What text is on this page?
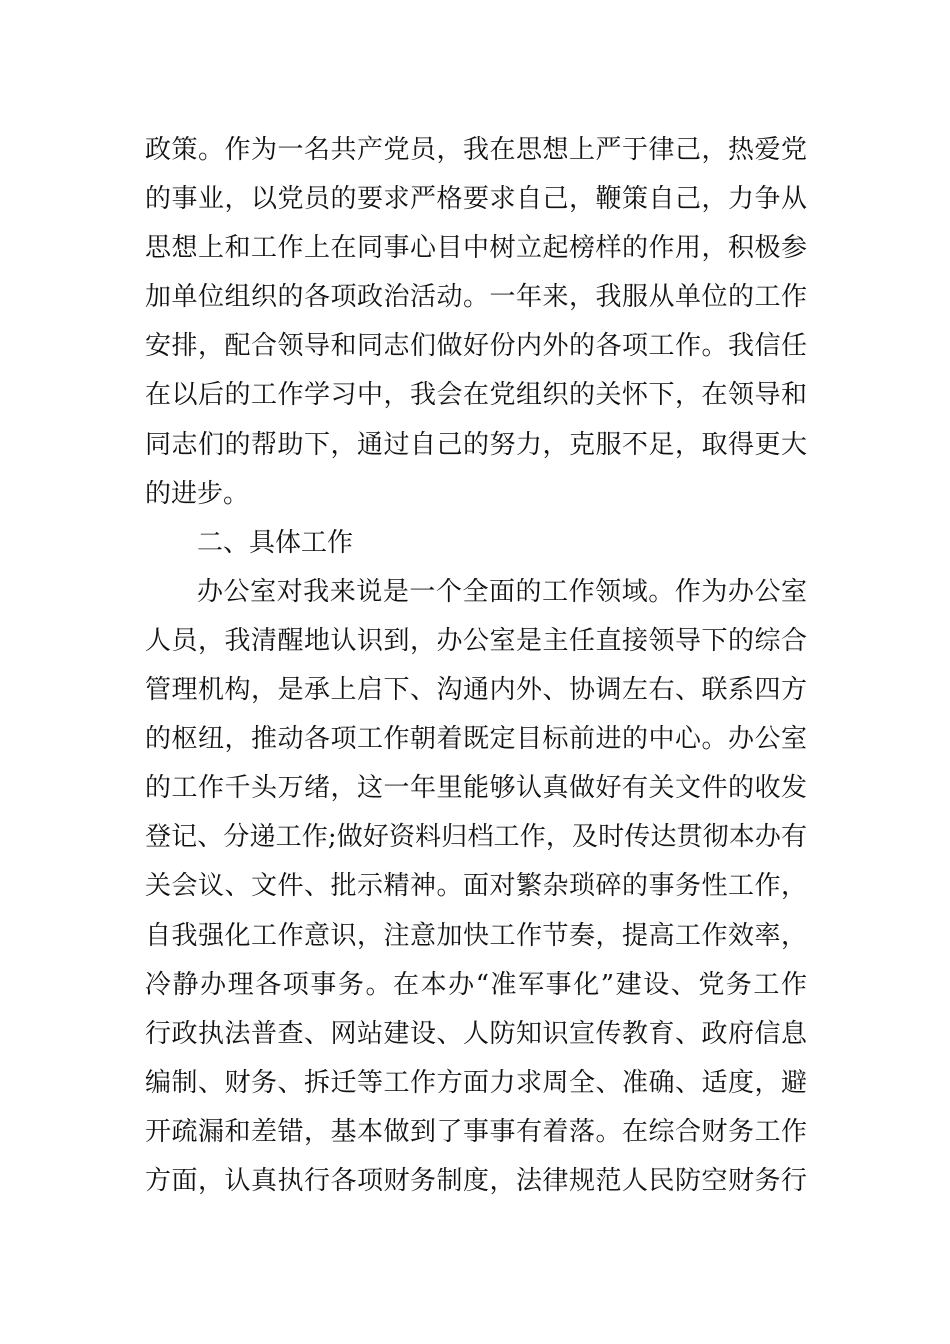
政策。作为一名共产党员，我在思想上严于律己，热爱党
的事业，以党员的要求严格要求自己，鞭策自己，力争从
思想上和工作上在同事心目中树立起榜样的作用，积极参
加单位组织的各项政治活动。一年来，我服从单位的工作
安排，配合领导和同志们做好份内外的各项工作。我信任
在以后的工作学习中，我会在党组织的关怀下，在领导和
同志们的帮助下，通过自己的努力，克服不足，取得更大
的进步。
二、具体工作
办公室对我来说是一个全面的工作领域。作为办公室
人员，我清醒地认识到，办公室是主任直接领导下的综合
管理机构，是承上启下、沟通内外、协调左右、联系四方
的枢纽，推动各项工作朝着既定目标前进的中心。办公室
的工作千头万绪，这一年里能够认真做好有关文件的收发
登记、分递工作;做好资料归档工作，及时传达贯彻本办有
关会议、文件、批示精神。面对繁杂琐碎的事务性工作，
自我强化工作意识，注意加快工作节奏，提高工作效率，
冷静办理各项事务。在本办“准军事化”建设、党务工作
行政执法普查、网站建设、人防知识宣传教育、政府信息
编制、财务、拆迁等工作方面力求周全、准确、适度，避
开疏漏和差错，基本做到了事事有着落。在综合财务工作
方面，认真执行各项财务制度，法律规范人民防空财务行
